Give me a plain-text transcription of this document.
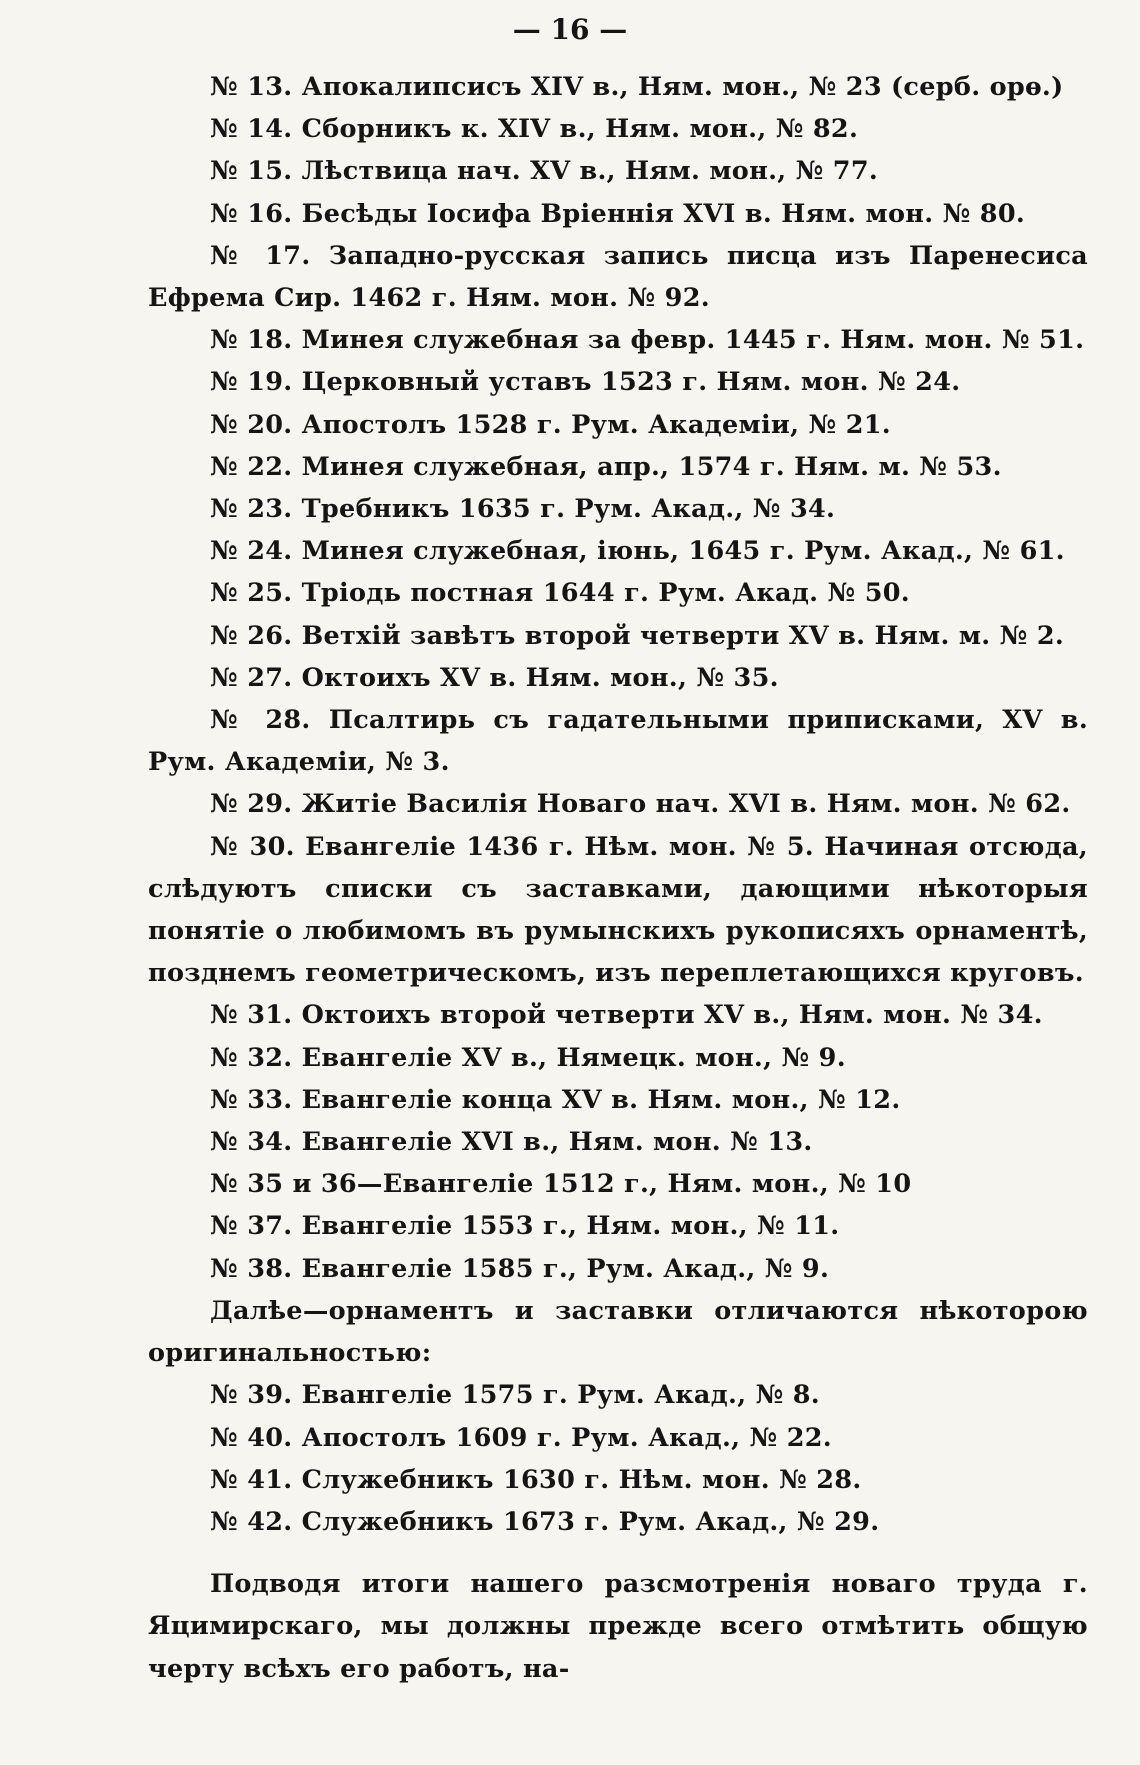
— 16 —

№ 13. Апокалипсисъ XIV в., Ням. мон., № 23 (серб. орѳ.)

№ 14. Сборникъ к. XIV в., Ням. мон., № 82.

№ 15. Лѣствица нач. XV в., Ням. мон., № 77.

№ 16. Бесѣды Іосифа Вріеннія XVI в. Ням. мон. № 80.

№ 17. Западно-русская запись писца изъ Паренесиса Ефрема Сир. 1462 г. Ням. мон. № 92.

№ 18. Минея служебная за февр. 1445 г. Ням. мон. № 51.

№ 19. Церковный уставъ 1523 г. Ням. мон. № 24.

№ 20. Апостолъ 1528 г. Рум. Академіи, № 21.

№ 22. Минея служебная, апр., 1574 г. Ням. м. № 53.

№ 23. Требникъ 1635 г. Рум. Акад., № 34.

№ 24. Минея служебная, іюнь, 1645 г. Рум. Акад., № 61.

№ 25. Тріодь постная 1644 г. Рум. Акад. № 50.

№ 26. Ветхій завѣтъ второй четверти XV в. Ням. м. № 2.

№ 27. Октоихъ XV в. Ням. мон., № 35.

№ 28. Псалтирь съ гадательными приписками, XV в. Рум. Академіи, № 3.

№ 29. Житіе Василія Новаго нач. XVI в. Ням. мон. № 62.

№ 30. Евангеліе 1436 г. Нѣм. мон. № 5. Начиная отсюда, слѣдуютъ списки съ заставками, дающими нѣкоторыя понятіе о любимомъ въ румынскихъ рукописяхъ орнаментѣ, позднемъ геометрическомъ, изъ переплетающихся круговъ.

№ 31. Октоихъ второй четверти XV в., Ням. мон. № 34.

№ 32. Евангеліе XV в., Нямецк. мон., № 9.

№ 33. Евангеліе конца XV в. Ням. мон., № 12.

№ 34. Евангеліе XVI в., Ням. мон. № 13.

№ 35 и 36—Евангеліе 1512 г., Ням. мон., № 10

№ 37. Евангеліе 1553 г., Ням. мон., № 11.

№ 38. Евангеліе 1585 г., Рум. Акад., № 9.

Далѣе—орнаментъ и заставки отличаются нѣкоторою оригинальностью:

№ 39. Евангеліе 1575 г. Рум. Акад., № 8.

№ 40. Апостолъ 1609 г. Рум. Акад., № 22.

№ 41. Служебникъ 1630 г. Нѣм. мон. № 28.

№ 42. Служебникъ 1673 г. Рум. Акад., № 29.

Подводя итоги нашего разсмотренія новаго труда г. Яцимирскаго, мы должны прежде всего отмѣтить общую черту всѣхъ его работъ, на-
